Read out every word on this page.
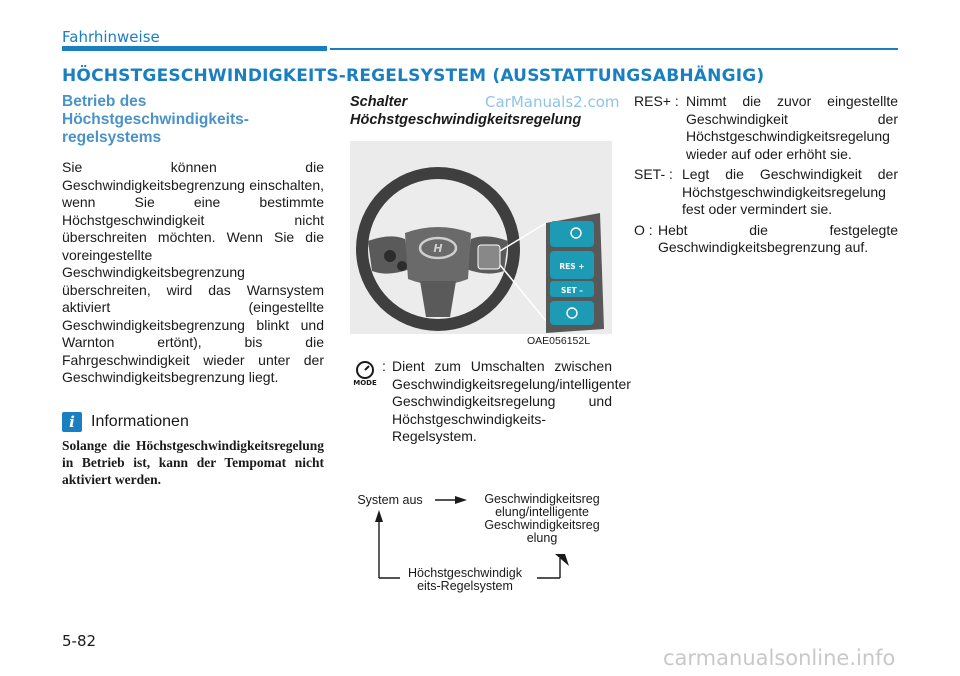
Fahrhinweise
HÖCHSTGESCHWINDIGKEITS-REGELSYSTEM (AUSSTATTUNGSABHÄNGIG)
Betrieb des
Höchstgeschwindigkeits-
regelsystems

Sie können die Geschwindigkeitsbegrenzung einschalten, wenn Sie eine bestimmte Höchstgeschwindigkeit nicht überschreiten möchten. Wenn Sie die voreingestellte Geschwindigkeitsbegrenzung überschreiten, wird das Warnsystem aktiviert (eingestellte Geschwindigkeitsbegrenzung blinkt und Warnton ertönt), bis die Fahrgeschwindigkeit wieder unter der Geschwindigkeitsbegrenzung liegt.

i	Informationen

Solange die Höchstgeschwindigkeitsregelung in Betrieb ist, kann der Tempomat nicht aktiviert werden.

Schalter
Höchstgeschwindigkeitsregelung
CarManuals2.com
H
RES +
SET –
OAE056152L
MODE
: Dient zum Umschalten zwischen Geschwindigkeitsregelung/intelligenter Geschwindigkeitsregelung und Höchstgeschwindigkeits-Regelsystem.
System aus	Geschwindigkeitsreg
elung/intelligente
Geschwindigkeitsreg
elung
Höchstgeschwindigk
eits-Regelsystem
RES+ : Nimmt die zuvor eingestellte Geschwindigkeit der Höchstgeschwindigkeitsregelung wieder auf oder erhöht sie.
SET- : Legt die Geschwindigkeit der Höchstgeschwindigkeitsregelung fest oder vermindert sie.
O : Hebt die festgelegte Geschwindigkeitsbegrenzung auf.
5-82
carmanualsonline.info
